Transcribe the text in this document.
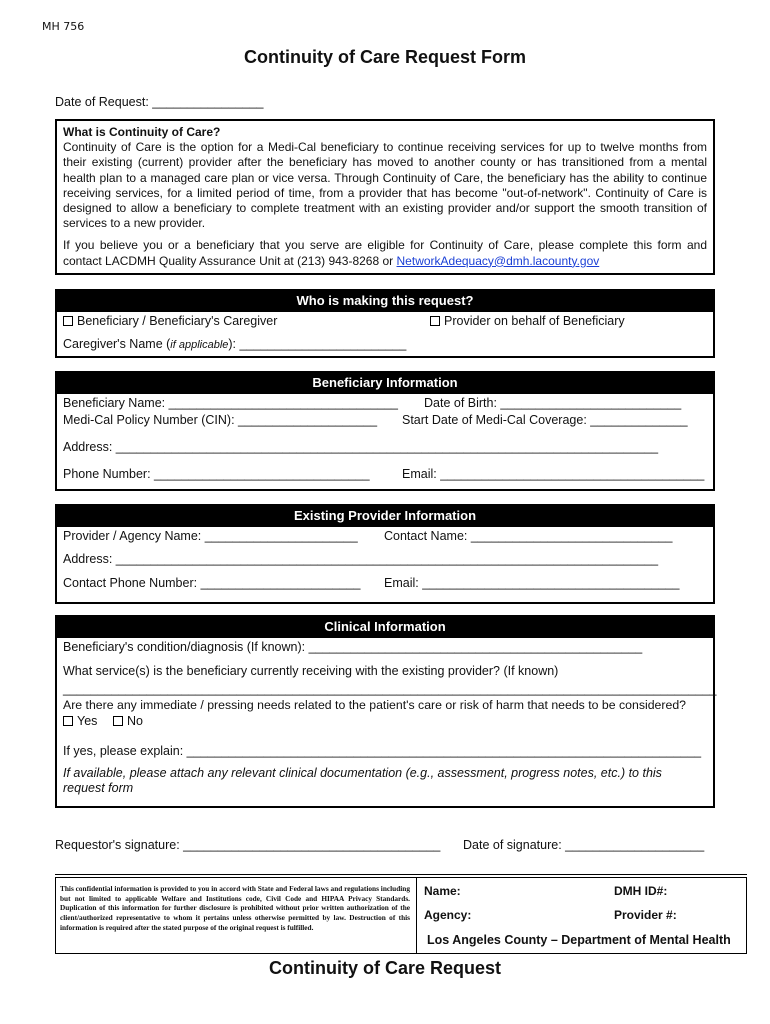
MH 756
Continuity of Care Request Form
Date of Request: ________________

What is Continuity of Care?

Continuity of Care is the option for a Medi-Cal beneficiary to continue receiving services for up to twelve months from their existing (current) provider after the beneficiary has moved to another county or has transitioned from a mental health plan to a managed care plan or vice versa. Through Continuity of Care, the beneficiary has the ability to continue receiving services, for a limited period of time, from a provider that has become "out-of-network". Continuity of Care is designed to allow a beneficiary to complete treatment with an existing provider and/or support the smooth transition of services to a new provider.

If you believe you or a beneficiary that you serve are eligible for Continuity of Care, please complete this form and contact LACDMH Quality Assurance Unit at (213) 943-8268 or NetworkAdequacy@dmh.lacounty.gov

Who is making this request?
Beneficiary / Beneficiary's Caregiver	Provider on behalf of Beneficiary
Caregiver's Name (if applicable): ________________________
Beneficiary Information
Beneficiary Name: _________________________________ Date of Birth: __________________________
Medi-Cal Policy Number (CIN): ____________________ Start Date of Medi-Cal Coverage: ______________
Address: ______________________________________________________________________________
Phone Number: _______________________________	Email: ______________________________________
Existing Provider Information
Provider / Agency Name: ______________________ Contact Name: _____________________________
Address: ______________________________________________________________________________
Contact Phone Number: _______________________ Email: _____________________________________
Clinical Information
Beneficiary's condition/diagnosis (If known): ________________________________________________
What service(s) is the beneficiary currently receiving with the existing provider? (If known)
______________________________________________________________________________________________
Are there any immediate / pressing needs related to the patient's care or risk of harm that needs to be considered?
Yes	No
If yes, please explain: __________________________________________________________________________
If available, please attach any relevant clinical documentation (e.g., assessment, progress notes, etc.) to this request form
Requestor's signature: _____________________________________ Date of signature: ____________________
This confidential information is provided to you in accord with State and Federal laws and regulations including but not limited to applicable Welfare and Institutions code, Civil Code and HIPAA Privacy Standards. Duplication of this information for further disclosure is prohibited without prior written authorization of the client/authorized representative to whom it pertains unless otherwise permitted by law. Destruction of this information is required after the stated purpose of the original request is fulfilled.
Name:	DMH ID#:
Agency:	Provider #:
Los Angeles County – Department of Mental Health
Continuity of Care Request
